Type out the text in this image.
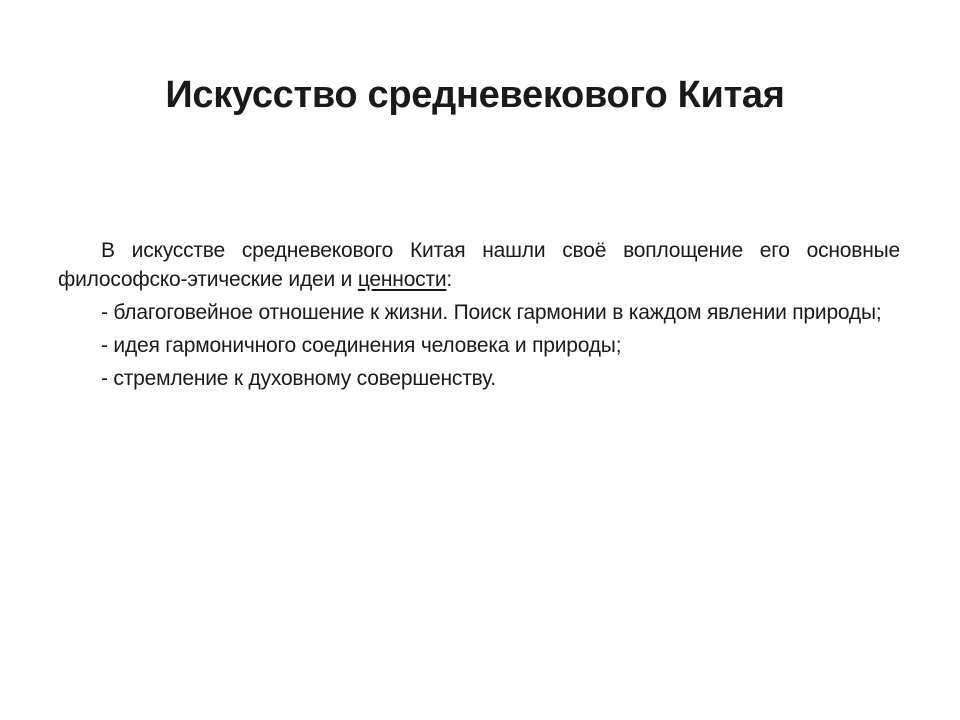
Искусство средневекового Китая

В искусстве средневекового Китая нашли своё воплощение его основные философско-этические идеи и ценности:

- благоговейное отношение к жизни. Поиск гармонии в каждом явлении природы;

- идея гармоничного соединения человека и природы;

- стремление к духовному совершенству.
